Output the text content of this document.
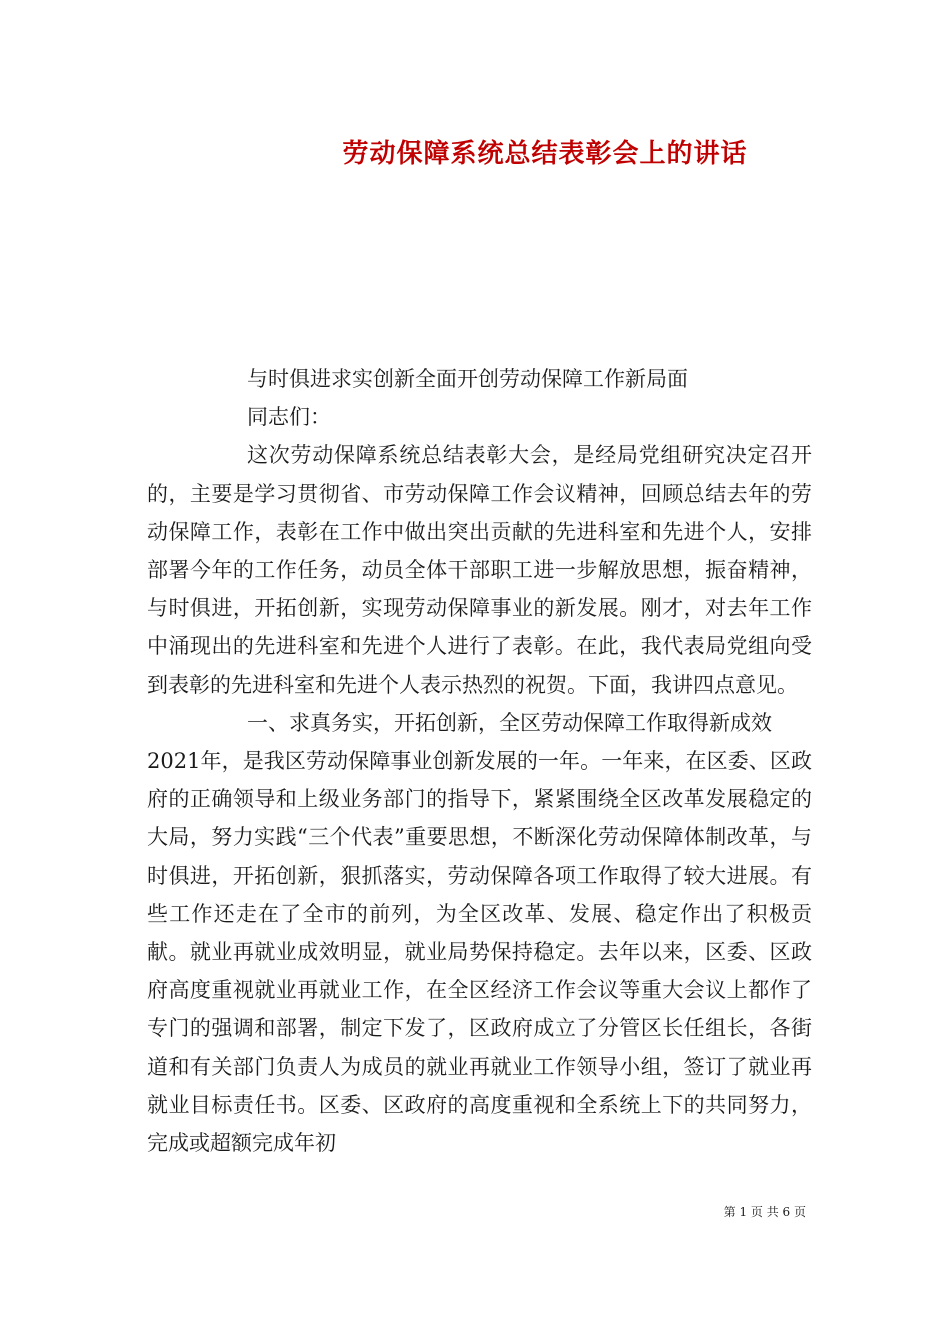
劳动保障系统总结表彰会上的讲话

与时俱进求实创新全面开创劳动保障工作新局面

同志们：

这次劳动保障系统总结表彰大会，是经局党组研究决定召开的，主要是学习贯彻省、市劳动保障工作会议精神，回顾总结去年的劳动保障工作，表彰在工作中做出突出贡献的先进科室和先进个人，安排部署今年的工作任务，动员全体干部职工进一步解放思想，振奋精神，与时俱进，开拓创新，实现劳动保障事业的新发展。刚才，对去年工作中涌现出的先进科室和先进个人进行了表彰。在此，我代表局党组向受到表彰的先进科室和先进个人表示热烈的祝贺。下面，我讲四点意见。

一、求真务实，开拓创新，全区劳动保障工作取得新成效

2021年，是我区劳动保障事业创新发展的一年。一年来，在区委、区政府的正确领导和上级业务部门的指导下，紧紧围绕全区改革发展稳定的大局，努力实践“三个代表”重要思想，不断深化劳动保障体制改革，与时俱进，开拓创新，狠抓落实，劳动保障各项工作取得了较大进展。有些工作还走在了全市的前列，为全区改革、发展、稳定作出了积极贡献。就业再就业成效明显，就业局势保持稳定。去年以来，区委、区政府高度重视就业再就业工作，在全区经济工作会议等重大会议上都作了专门的强调和部署，制定下发了，区政府成立了分管区长任组长，各街道和有关部门负责人为成员的就业再就业工作领导小组，签订了就业再就业目标责任书。区委、区政府的高度重视和全系统上下的共同努力，完成或超额完成年初

第 1 页 共 6 页
